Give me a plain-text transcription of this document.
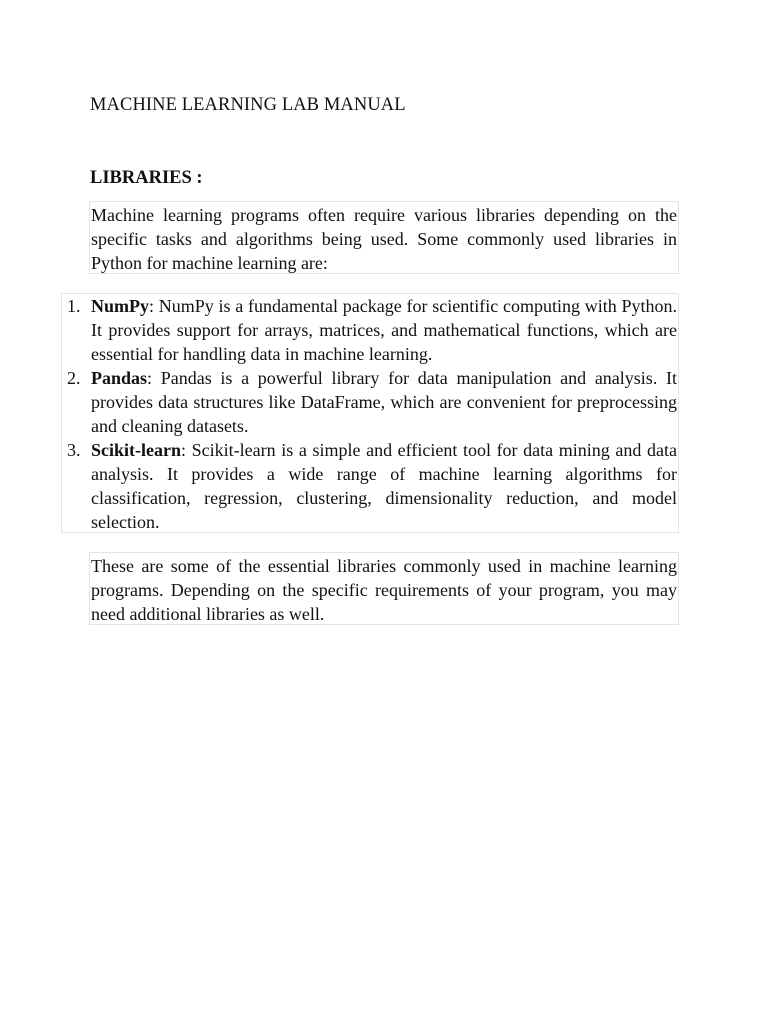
MACHINE LEARNING LAB MANUAL
LIBRARIES :
Machine learning programs often require various libraries depending on the specific tasks and algorithms being used. Some commonly used libraries in Python for machine learning are:
1. NumPy: NumPy is a fundamental package for scientific computing with Python. It provides support for arrays, matrices, and mathematical functions, which are essential for handling data in machine learning.
2. Pandas: Pandas is a powerful library for data manipulation and analysis. It provides data structures like DataFrame, which are convenient for preprocessing and cleaning datasets.
3. Scikit-learn: Scikit-learn is a simple and efficient tool for data mining and data analysis. It provides a wide range of machine learning algorithms for classification, regression, clustering, dimensionality reduction, and model selection.
These are some of the essential libraries commonly used in machine learning programs. Depending on the specific requirements of your program, you may need additional libraries as well.
